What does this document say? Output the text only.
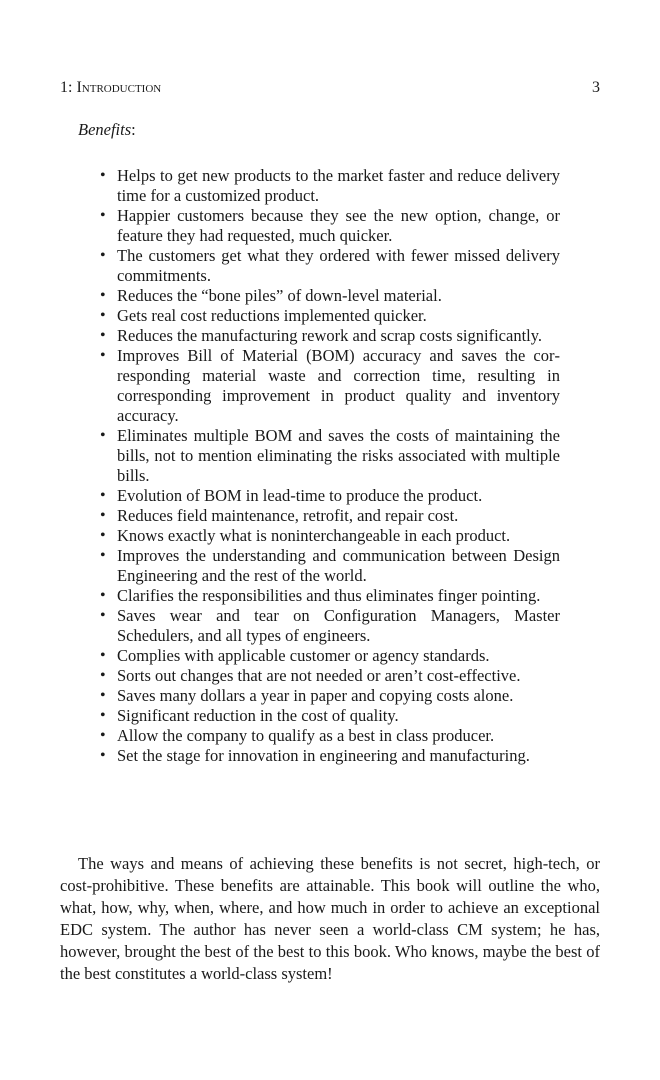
1: Introduction	3
Benefits:
• Helps to get new products to the market faster and reduce delivery time for a customized product.
• Happier customers because they see the new option, change, or feature they had requested, much quicker.
• The customers get what they ordered with fewer missed delivery commitments.
• Reduces the “bone piles” of down-level material.
• Gets real cost reductions implemented quicker.
• Reduces the manufacturing rework and scrap costs significantly.
• Improves Bill of Material (BOM) accuracy and saves the corresponding material waste and correction time, resulting in corresponding improvement in product quality and inventory accuracy.
• Eliminates multiple BOM and saves the costs of maintaining the bills, not to mention eliminating the risks associated with multiple bills.
• Evolution of BOM in lead-time to produce the product.
• Reduces field maintenance, retrofit, and repair cost.
• Knows exactly what is noninterchangeable in each product.
• Improves the understanding and communication between Design Engineering and the rest of the world.
• Clarifies the responsibilities and thus eliminates finger pointing.
• Saves wear and tear on Configuration Managers, Master Schedulers, and all types of engineers.
• Complies with applicable customer or agency standards.
• Sorts out changes that are not needed or aren’t cost-effective.
• Saves many dollars a year in paper and copying costs alone.
• Significant reduction in the cost of quality.
• Allow the company to qualify as a best in class producer.
• Set the stage for innovation in engineering and manufacturing.

The ways and means of achieving these benefits is not secret, high-tech, or cost-prohibitive. These benefits are attainable. This book will outline the who, what, how, why, when, where, and how much in order to achieve an exceptional EDC system. The author has never seen a world-class CM system; he has, however, brought the best of the best to this book. Who knows, maybe the best of the best constitutes a world-class system!
